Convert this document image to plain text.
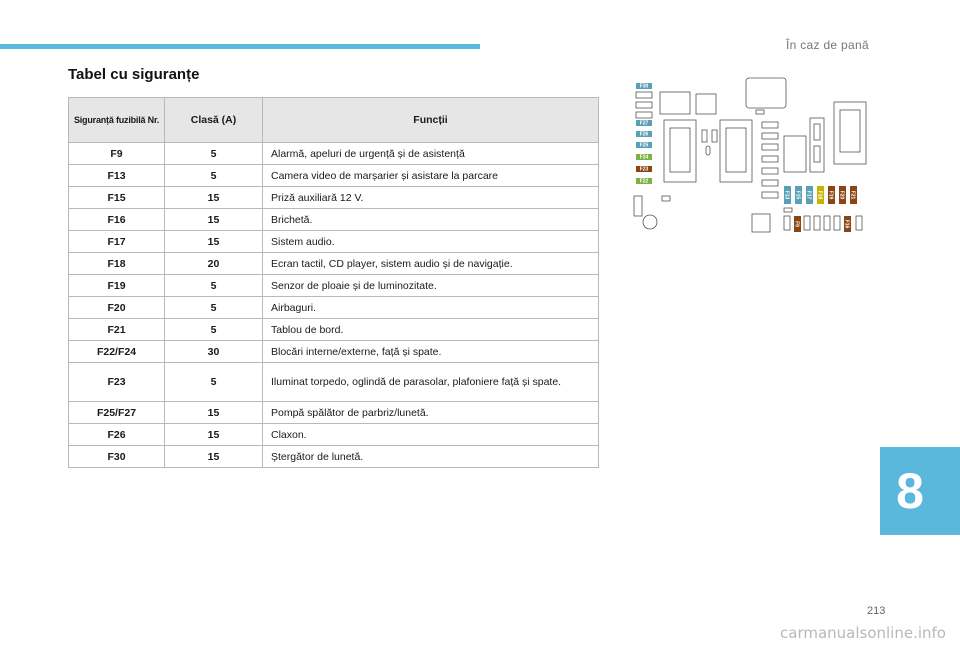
În caz de pană
Tabel cu siguranțe
Siguranță fuzibilă Nr.	Clasă (A)	Funcții
F9	5	Alarmă, apeluri de urgență și de asistență
F13	5	Camera video de marșarier și asistare la parcare
F15	15	Priză auxiliară 12 V.
F16	15	Brichetă.
F17	15	Sistem audio.
F18	20	Ecran tactil, CD player, sistem audio și de navigație.
F19	5	Senzor de ploaie și de luminozitate.
F20	5	Airbaguri.
F21	5	Tablou de bord.
F22/F24	30	Blocări interne/externe, față și spate.
F23	5	Iluminat torpedo, oglindă de parasolar, plafoniere față și spate.
F25/F27	15	Pompă spălător de parbriz/lunetă.
F26	15	Claxon.
F30	15	Ștergător de lunetă.
F30
F27
F26
F25
F24
F23
F22
F13 F15 F17 F18 F19 F20 F21
F9	F16
8
213
carmanualsonline.info
